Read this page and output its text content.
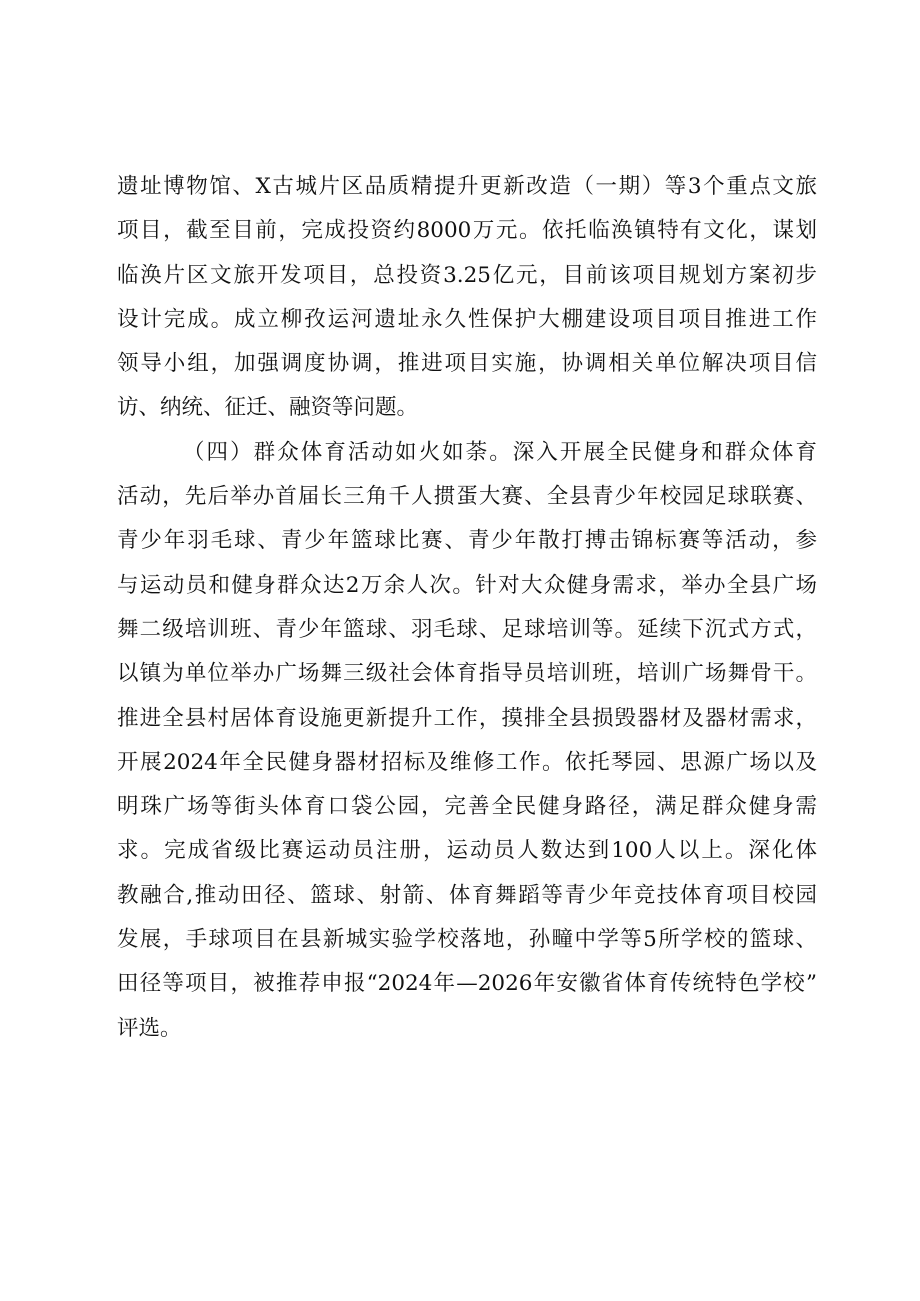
遗址博物馆、X古城片区品质精提升更新改造（一期）等3个重点文旅
项目，截至目前，完成投资约8000万元。依托临涣镇特有文化，谋划
临涣片区文旅开发项目，总投资3.25亿元，目前该项目规划方案初步
设计完成。成立柳孜运河遗址永久性保护大棚建设项目项目推进工作
领导小组，加强调度协调，推进项目实施，协调相关单位解决项目信
访、纳统、征迁、融资等问题。
（四）群众体育活动如火如荼。深入开展全民健身和群众体育
活动，先后举办首届长三角千人掼蛋大赛、全县青少年校园足球联赛、
青少年羽毛球、青少年篮球比赛、青少年散打搏击锦标赛等活动，参
与运动员和健身群众达2万余人次。针对大众健身需求，举办全县广场
舞二级培训班、青少年篮球、羽毛球、足球培训等。延续下沉式方式，
以镇为单位举办广场舞三级社会体育指导员培训班，培训广场舞骨干。
推进全县村居体育设施更新提升工作，摸排全县损毁器材及器材需求，
开展2024年全民健身器材招标及维修工作。依托琴园、思源广场以及
明珠广场等街头体育口袋公园，完善全民健身路径，满足群众健身需
求。完成省级比赛运动员注册，运动员人数达到100人以上。深化体
教融合,推动田径、篮球、射箭、体育舞蹈等青少年竞技体育项目校园
发展，手球项目在县新城实验学校落地，孙疃中学等5所学校的篮球、
田径等项目，被推荐申报“2024年—2026年安徽省体育传统特色学校”
评选。
